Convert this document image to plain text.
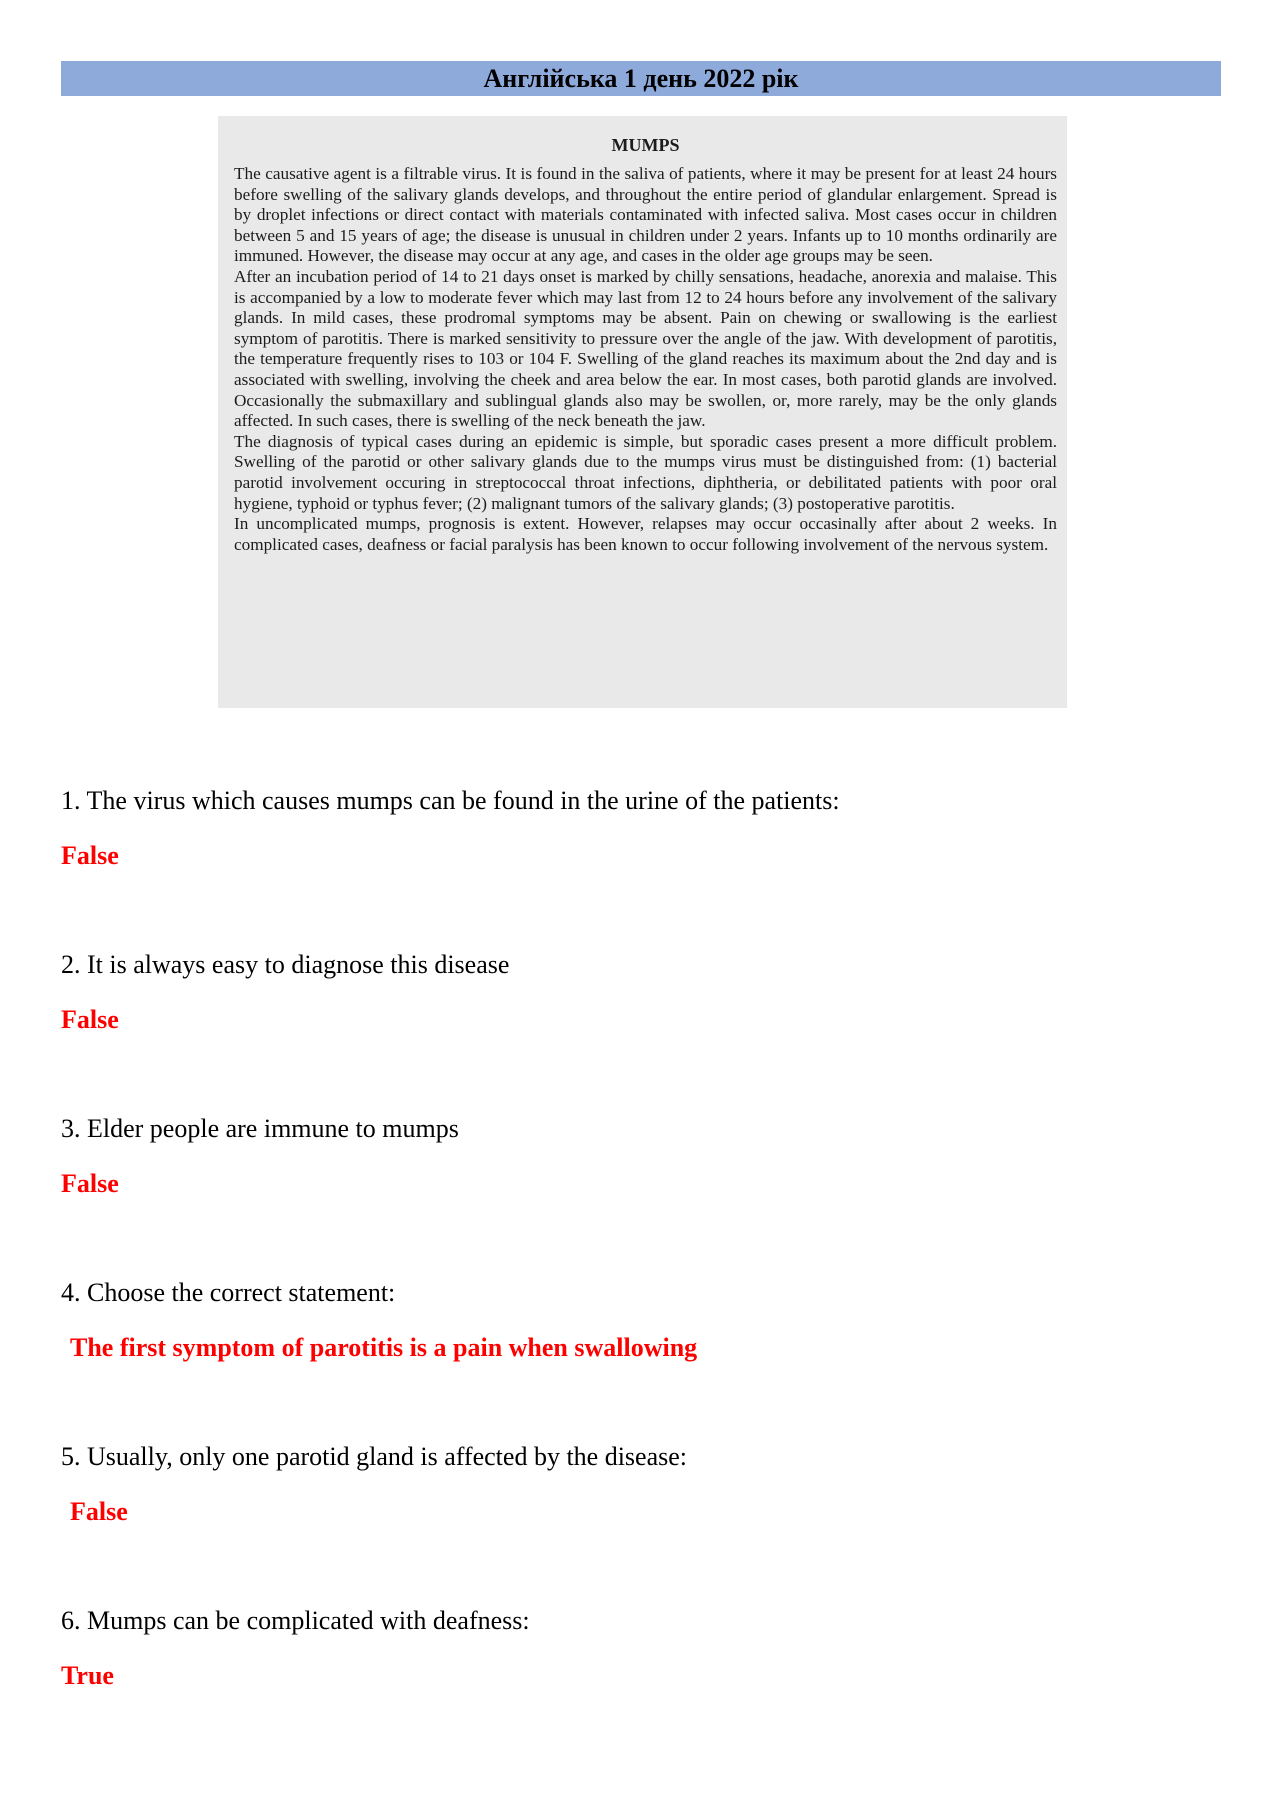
Англійська 1 день 2022 рік
MUMPS

The causative agent is a filtrable virus. It is found in the saliva of patients, where it may be present for at least 24 hours before swelling of the salivary glands develops, and throughout the entire period of glandular enlargement. Spread is by droplet infections or direct contact with materials contaminated with infected saliva. Most cases occur in children between 5 and 15 years of age; the disease is unusual in children under 2 years. Infants up to 10 months ordinarily are immuned. However, the disease may occur at any age, and cases in the older age groups may be seen.

After an incubation period of 14 to 21 days onset is marked by chilly sensations, headache, anorexia and malaise. This is accompanied by a low to moderate fever which may last from 12 to 24 hours before any involvement of the salivary glands. In mild cases, these prodromal symptoms may be absent. Pain on chewing or swallowing is the earliest symptom of parotitis. There is marked sensitivity to pressure over the angle of the jaw. With development of parotitis, the temperature frequently rises to 103 or 104 F. Swelling of the gland reaches its maximum about the 2nd day and is associated with swelling, involving the cheek and area below the ear. In most cases, both parotid glands are involved. Occasionally the submaxillary and sublingual glands also may be swollen, or, more rarely, may be the only glands affected. In such cases, there is swelling of the neck beneath the jaw.

The diagnosis of typical cases during an epidemic is simple, but sporadic cases present a more difficult problem. Swelling of the parotid or other salivary glands due to the mumps virus must be distinguished from: (1) bacterial parotid involvement occuring in streptococcal throat infections, diphtheria, or debilitated patients with poor oral hygiene, typhoid or typhus fever; (2) malignant tumors of the salivary glands; (3) postoperative parotitis.

In uncomplicated mumps, prognosis is extent. However, relapses may occur occasinally after about 2 weeks. In complicated cases, deafness or facial paralysis has been known to occur following involvement of the nervous system.

1. The virus which causes mumps can be found in the urine of the patients:
False
2. It is always easy to diagnose this disease
False
3. Elder people are immune to mumps
False
4. Choose the correct statement:
The first symptom of parotitis is a pain when swallowing
5. Usually, only one parotid gland is affected by the disease:
False
6. Mumps can be complicated with deafness:
True
